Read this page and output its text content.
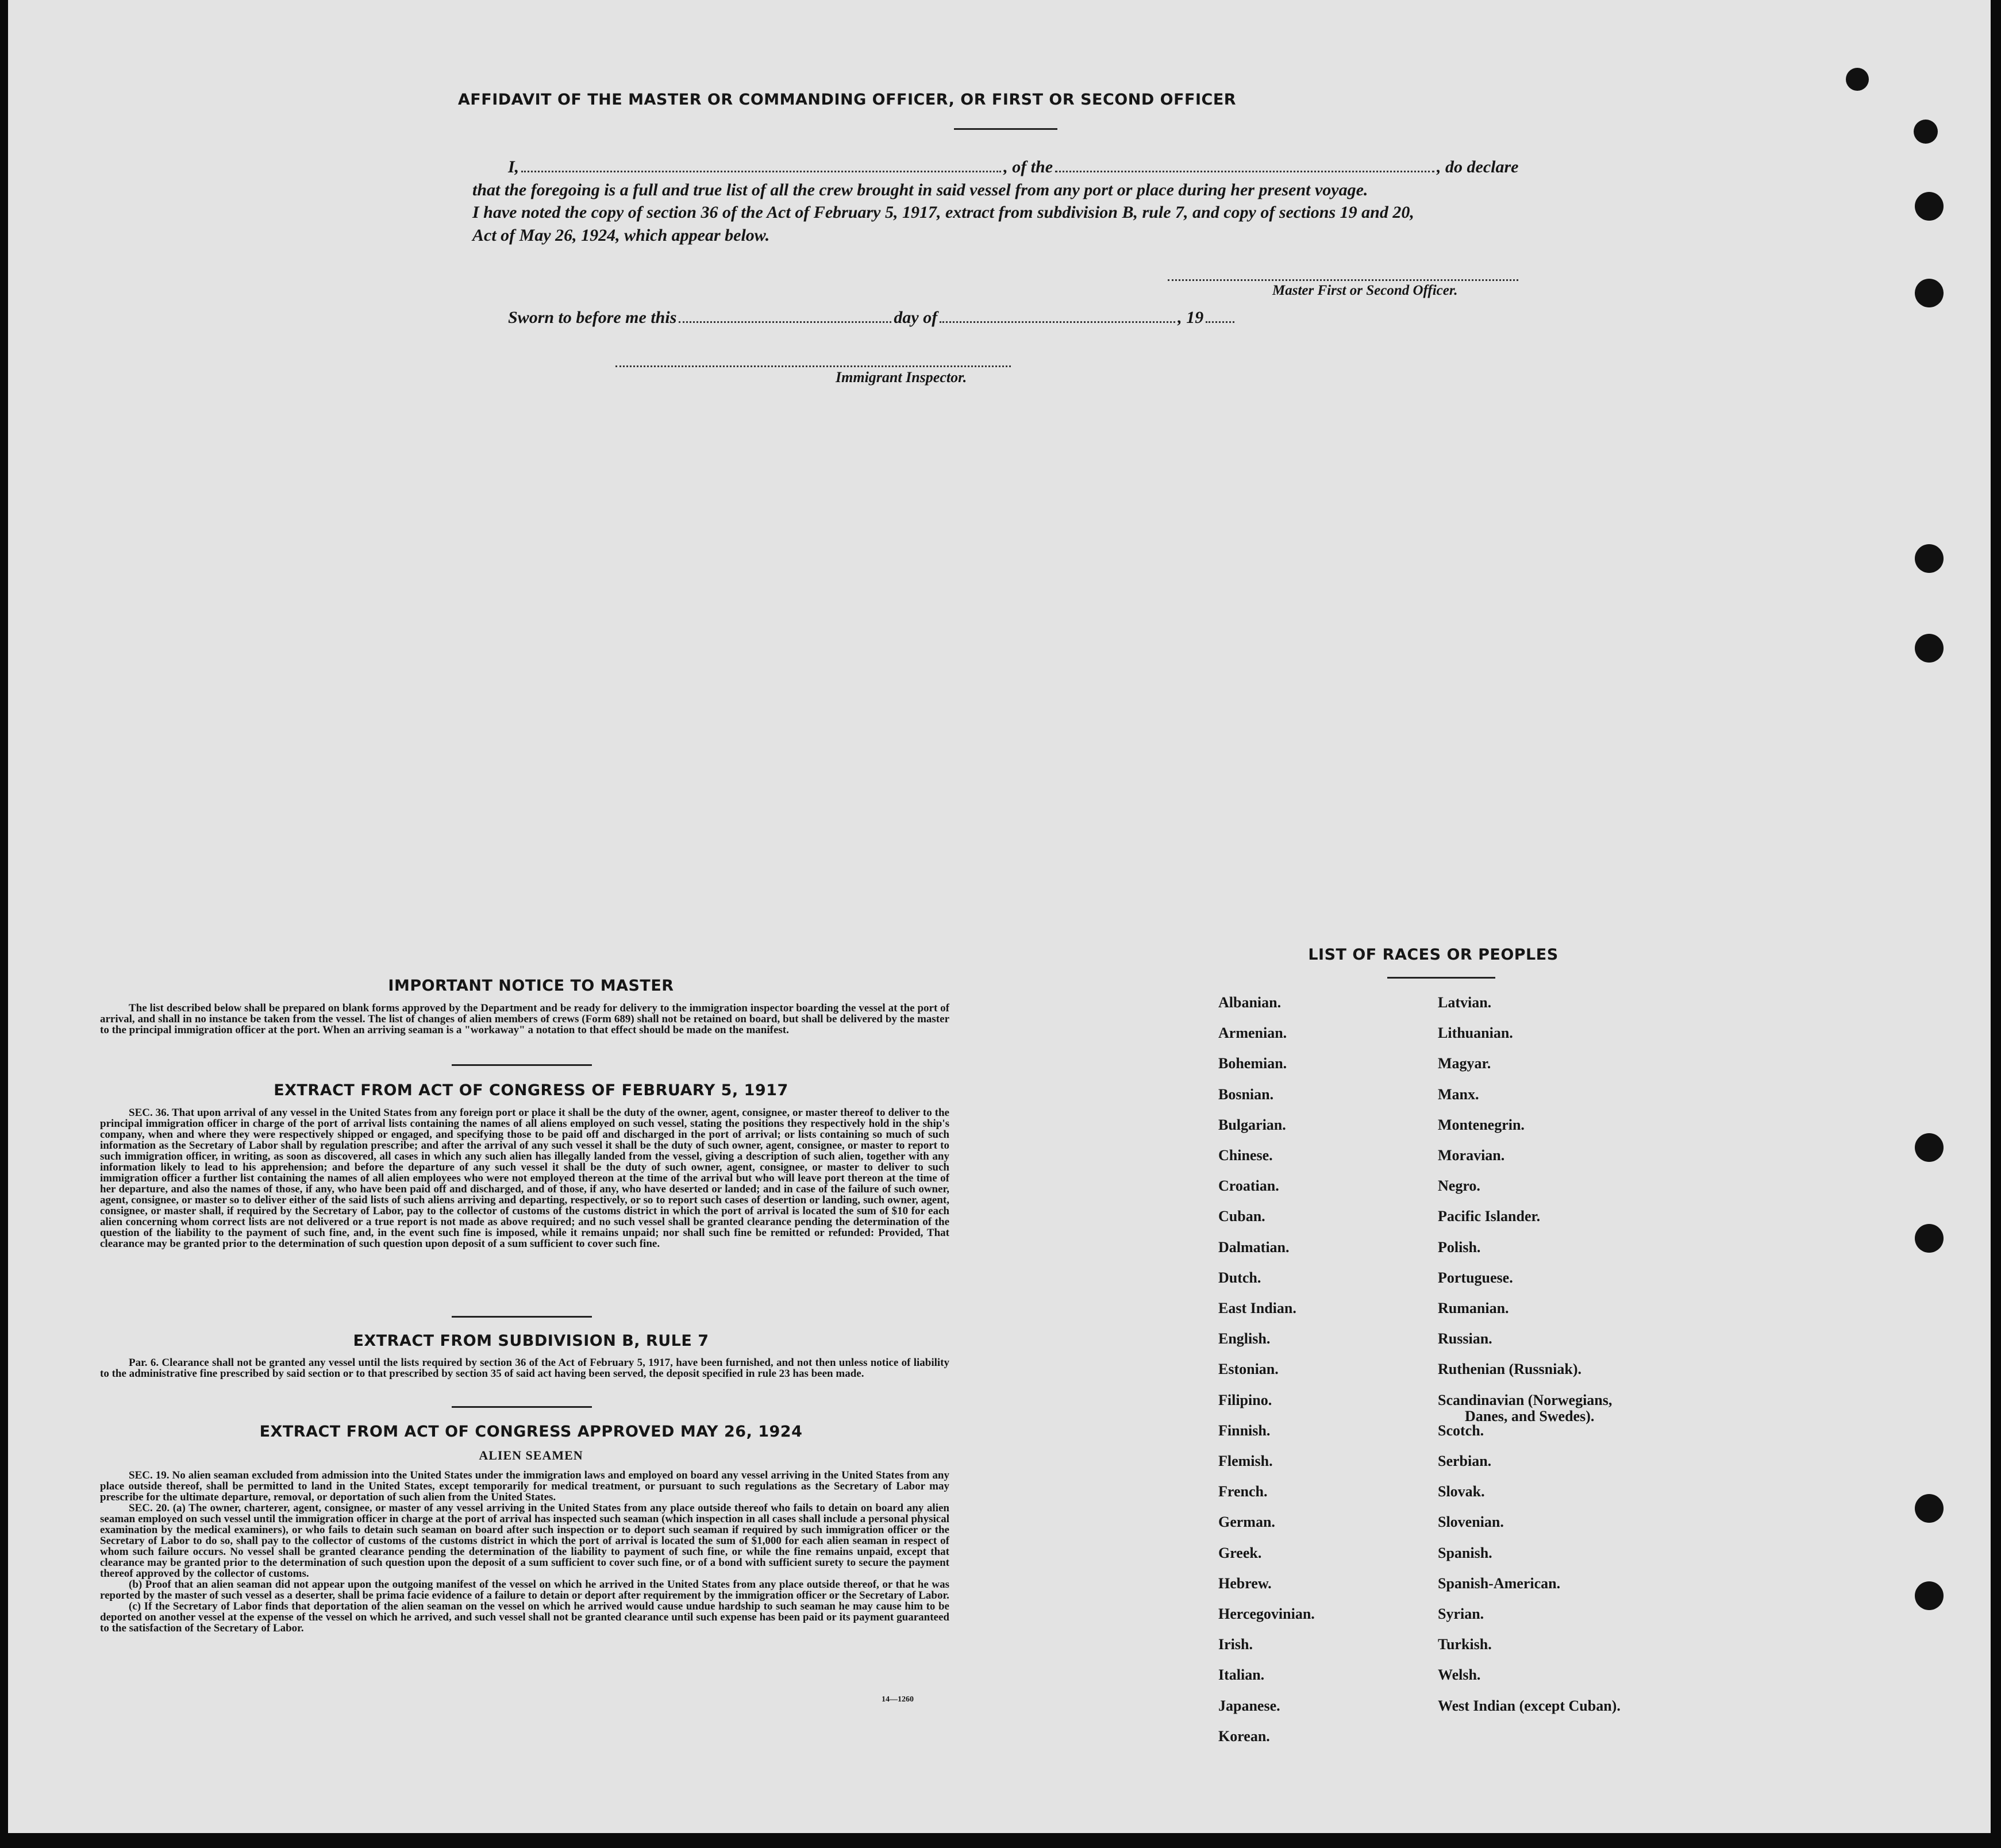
AFFIDAVIT OF THE MASTER OR COMMANDING OFFICER, OR FIRST OR SECOND OFFICER
I,	, of the	, do declare
that the foregoing is a full and true list of all the crew brought in said vessel from any port or place during her present voyage.
I have noted the copy of section 36 of the Act of February 5, 1917, extract from subdivision B, rule 7, and copy of sections 19 and 20,
Act of May 26, 1924, which appear below.
Master First or Second Officer.
Sworn to before me this	day of	, 19
Immigrant Inspector.
IMPORTANT NOTICE TO MASTER
The list described below shall be prepared on blank forms approved by the Department and be ready for delivery to the immigration inspector boarding the vessel at the port of arrival, and shall in no instance be taken from the vessel. The list of changes of alien members of crews (Form 689) shall not be retained on board, but shall be delivered by the master to the principal immigration officer at the port. When an arriving seaman is a "workaway" a notation to that effect should be made on the manifest.
EXTRACT FROM ACT OF CONGRESS OF FEBRUARY 5, 1917
SEC. 36. That upon arrival of any vessel in the United States from any foreign port or place it shall be the duty of the owner, agent, consignee, or master thereof to deliver to the principal immigration officer in charge of the port of arrival lists containing the names of all aliens employed on such vessel, stating the positions they respectively hold in the ship's company, when and where they were respectively shipped or engaged, and specifying those to be paid off and discharged in the port of arrival; or lists containing so much of such information as the Secretary of Labor shall by regulation prescribe; and after the arrival of any such vessel it shall be the duty of such owner, agent, consignee, or master to report to such immigration officer, in writing, as soon as discovered, all cases in which any such alien has illegally landed from the vessel, giving a description of such alien, together with any information likely to lead to his apprehension; and before the departure of any such vessel it shall be the duty of such owner, agent, consignee, or master to deliver to such immigration officer a further list containing the names of all alien employees who were not employed thereon at the time of the arrival but who will leave port thereon at the time of her departure, and also the names of those, if any, who have been paid off and discharged, and of those, if any, who have deserted or landed; and in case of the failure of such owner, agent, consignee, or master so to deliver either of the said lists of such aliens arriving and departing, respectively, or so to report such cases of desertion or landing, such owner, agent, consignee, or master shall, if required by the Secretary of Labor, pay to the collector of customs of the customs district in which the port of arrival is located the sum of $10 for each alien concerning whom correct lists are not delivered or a true report is not made as above required; and no such vessel shall be granted clearance pending the determination of the question of the liability to the payment of such fine, and, in the event such fine is imposed, while it remains unpaid; nor shall such fine be remitted or refunded: Provided, That clearance may be granted prior to the determination of such question upon deposit of a sum sufficient to cover such fine.
EXTRACT FROM SUBDIVISION B, RULE 7
Par. 6. Clearance shall not be granted any vessel until the lists required by section 36 of the Act of February 5, 1917, have been furnished, and not then unless notice of liability to the administrative fine prescribed by said section or to that prescribed by section 35 of said act having been served, the deposit specified in rule 23 has been made.
EXTRACT FROM ACT OF CONGRESS APPROVED MAY 26, 1924
ALIEN SEAMEN
SEC. 19. No alien seaman excluded from admission into the United States under the immigration laws and employed on board any vessel arriving in the United States from any place outside thereof, shall be permitted to land in the United States, except temporarily for medical treatment, or pursuant to such regulations as the Secretary of Labor may prescribe for the ultimate departure, removal, or deportation of such alien from the United States.
SEC. 20. (a) The owner, charterer, agent, consignee, or master of any vessel arriving in the United States from any place outside thereof who fails to detain on board any alien seaman employed on such vessel until the immigration officer in charge at the port of arrival has inspected such seaman (which inspection in all cases shall include a personal physical examination by the medical examiners), or who fails to detain such seaman on board after such inspection or to deport such seaman if required by such immigration officer or the Secretary of Labor to do so, shall pay to the collector of customs of the customs district in which the port of arrival is located the sum of $1,000 for each alien seaman in respect of whom such failure occurs. No vessel shall be granted clearance pending the determination of the liability to payment of such fine, or while the fine remains unpaid, except that clearance may be granted prior to the determination of such question upon the deposit of a sum sufficient to cover such fine, or of a bond with sufficient surety to secure the payment thereof approved by the collector of customs.
(b) Proof that an alien seaman did not appear upon the outgoing manifest of the vessel on which he arrived in the United States from any place outside thereof, or that he was reported by the master of such vessel as a deserter, shall be prima facie evidence of a failure to detain or deport after requirement by the immigration officer or the Secretary of Labor.
(c) If the Secretary of Labor finds that deportation of the alien seaman on the vessel on which he arrived would cause undue hardship to such seaman he may cause him to be deported on another vessel at the expense of the vessel on which he arrived, and such vessel shall not be granted clearance until such expense has been paid or its payment guaranteed to the satisfaction of the Secretary of Labor.
14—1260
LIST OF RACES OR PEOPLES
Albanian.
Armenian.
Bohemian.
Bosnian.
Bulgarian.
Chinese.
Croatian.
Cuban.
Dalmatian.
Dutch.
East Indian.
English.
Estonian.
Filipino.
Finnish.
Flemish.
French.
German.
Greek.
Hebrew.
Hercegovinian.
Irish.
Italian.
Japanese.
Korean.
Latvian.
Lithuanian.
Magyar.
Manx.
Montenegrin.
Moravian.
Negro.
Pacific Islander.
Polish.
Portuguese.
Rumanian.
Russian.
Ruthenian (Russniak).
Scandinavian (Norwegians,
Danes, and Swedes).
Scotch.
Serbian.
Slovak.
Slovenian.
Spanish.
Spanish-American.
Syrian.
Turkish.
Welsh.
West Indian (except Cuban).
